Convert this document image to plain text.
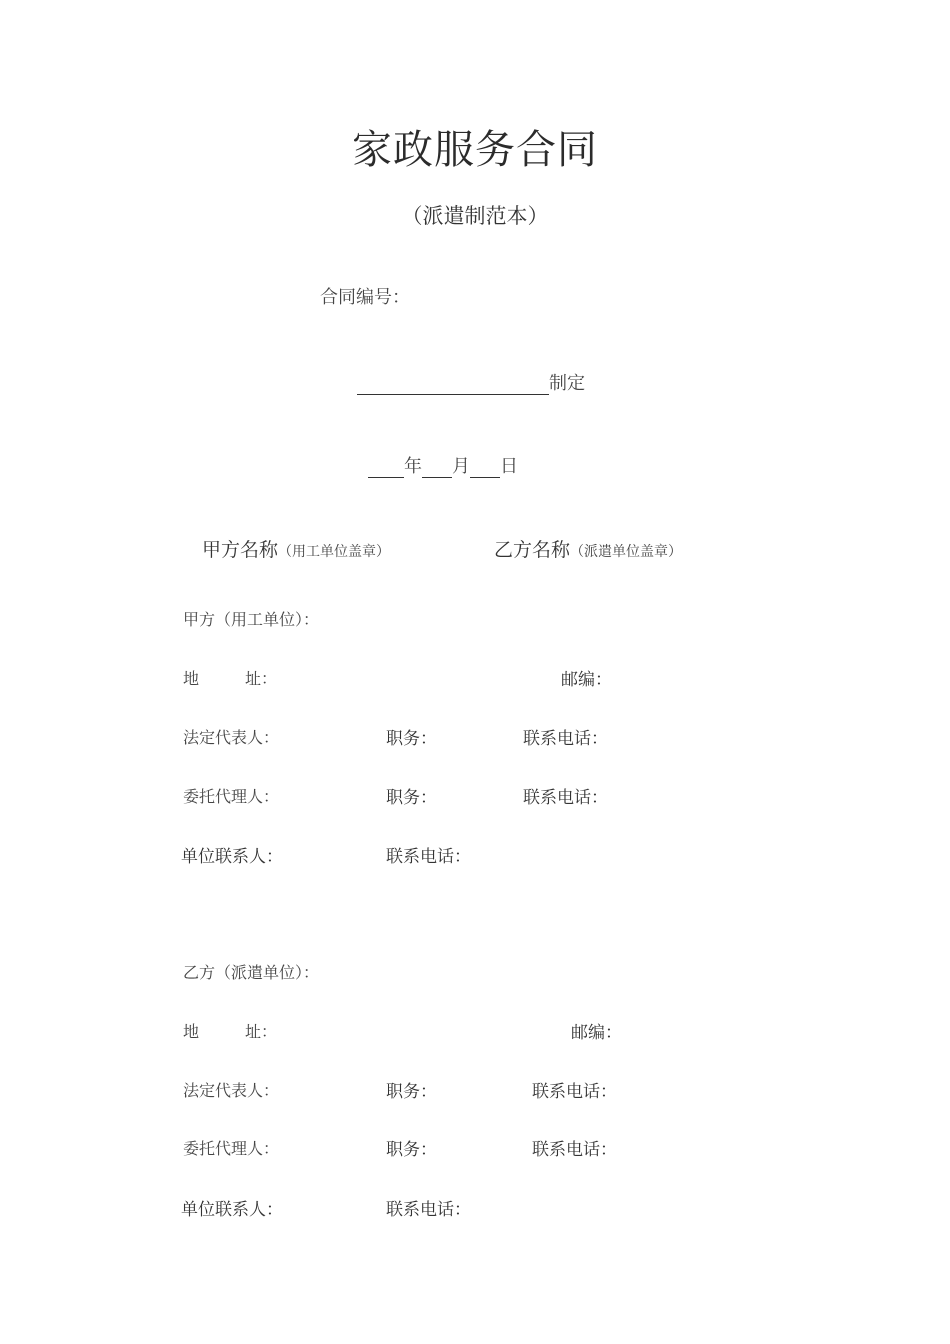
家政服务合同
（派遣制范本）
合同编号：
制定
年 月 日
甲方名称（用工单位盖章）	乙方名称（派遣单位盖章）
甲方（用工单位）：
地	址：	邮编：
法定代表人：	职务：	联系电话：
委托代理人：	职务：	联系电话：
单位联系人：	联系电话：
乙方（派遣单位）：
地	址：	邮编：
法定代表人：	职务：	联系电话：
委托代理人：	职务：	联系电话：
单位联系人：	联系电话：
